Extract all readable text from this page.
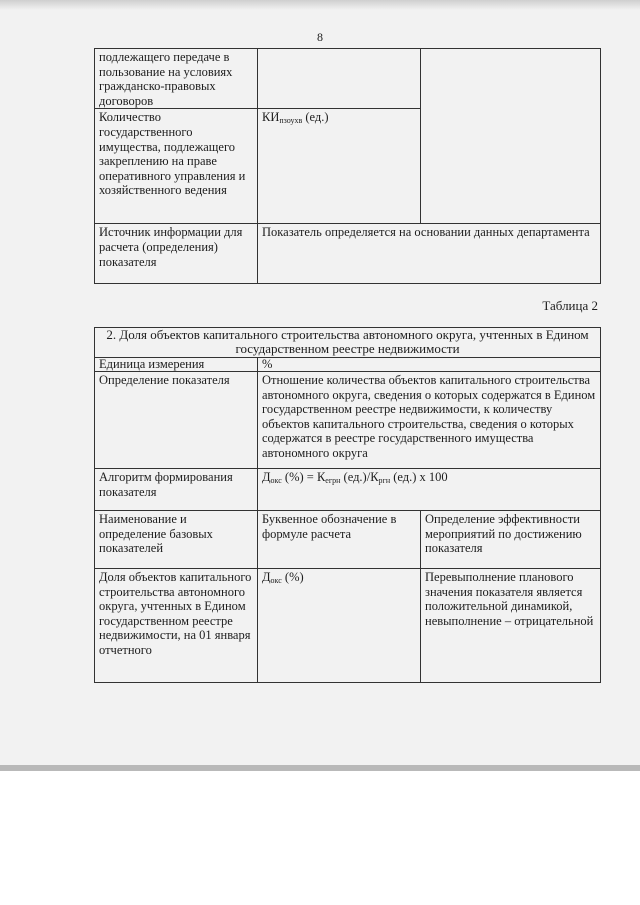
8
подлежащего передаче в пользование на условиях гражданско-правовых договоров		
Количество государственного имущества, подлежащего закреплению на праве оперативного управления и хозяйственного ведения	$КИ_{пзоухв}$ (ед.)	
Источник информации для расчета (определения) показателя	Показатель определяется на основании данных департамента	
Таблица 2
2. Доля объектов капитального строительства автономного округа, учтенных в Едином государственном реестре недвижимости		
Единица измерения	%	
Определение показателя	Отношение количества объектов капитального строительства автономного округа, сведения о которых содержатся в Едином государственном реестре недвижимости, к количеству объектов капитального строительства, сведения о которых содержатся в реестре государственного имущества автономного округа	
Алгоритм формирования показателя	$Д_{окс}$ (%) = $К_{егрн}$ $(ед.)/К_{ргн}$ (ед.) х 100	
Наименование и определение базовых показателей	Буквенное обозначение в формуле расчета	Определение эффективности мероприятий по достижению показателя
Доля объектов капитального строительства автономного округа, учтенных в Едином государственном реестре недвижимости, на 01 января отчетного	$Д_{окс}$ (%)	Перевыполнение планового значения показателя является положительной динамикой, невыполнение – отрицательной
